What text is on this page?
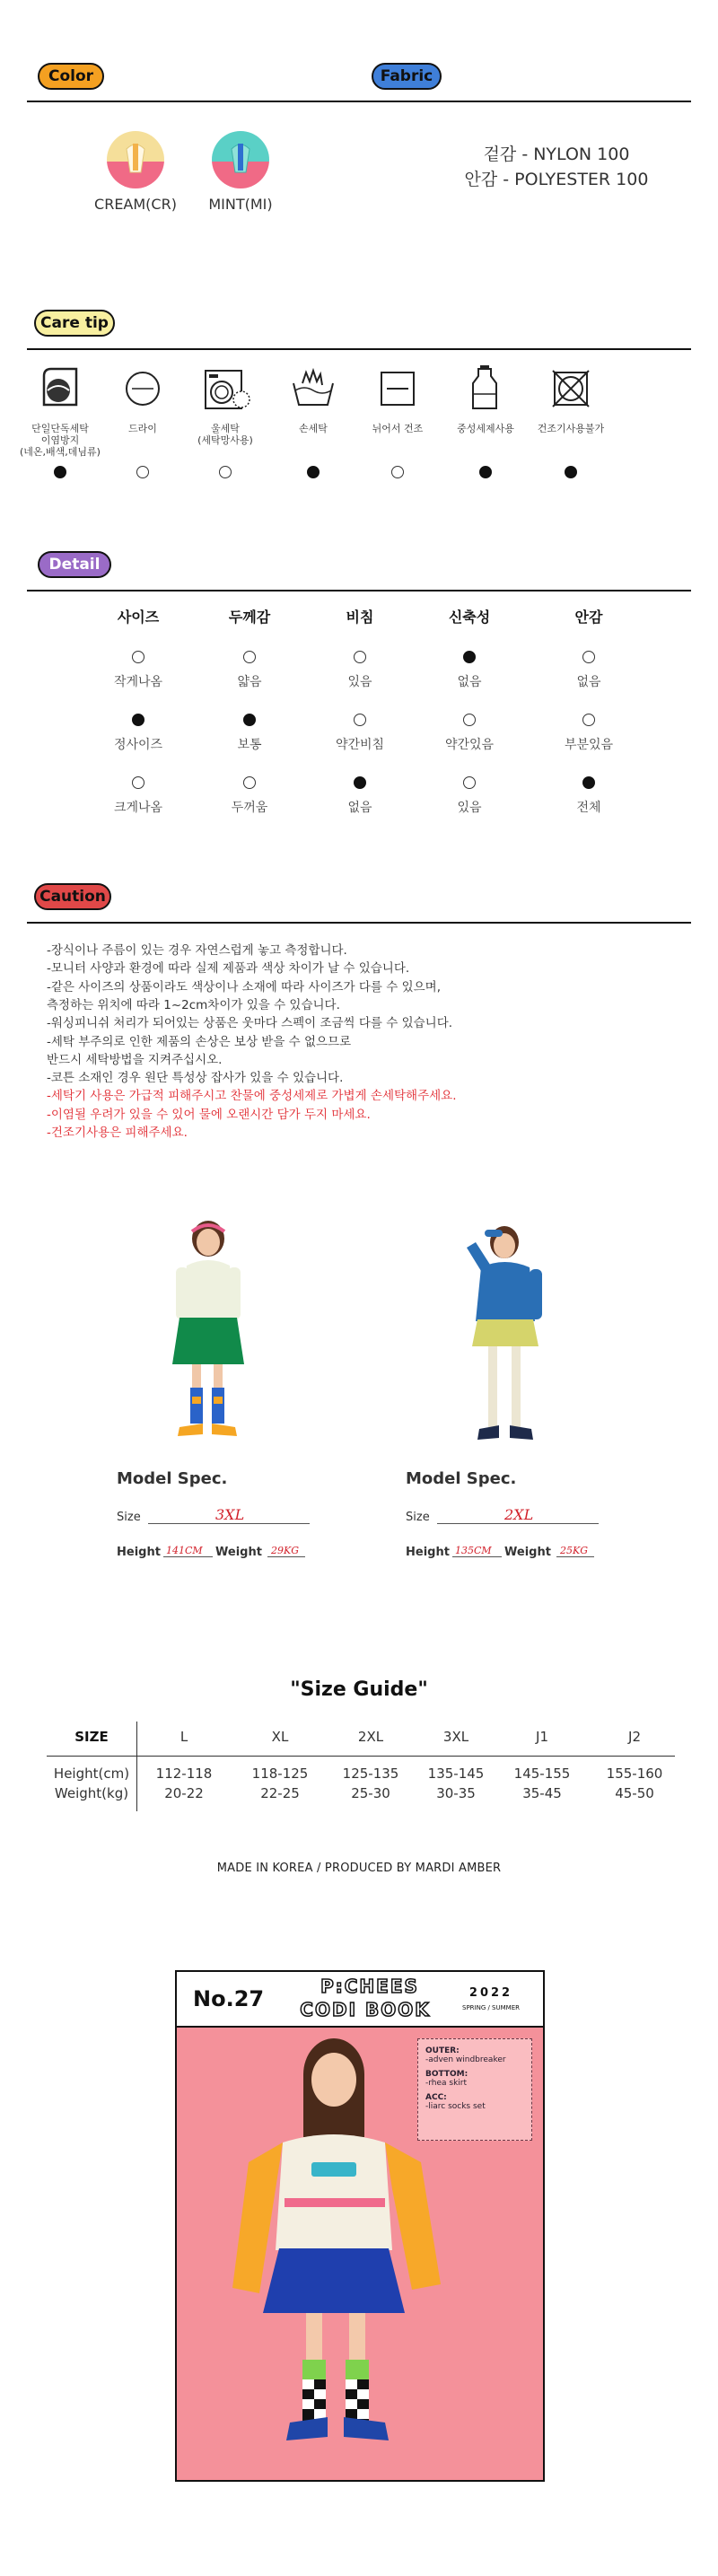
Color	Fabric
CREAM(CR)	MINT(MI)
겉감 - NYLON 100
안감 - POLYESTER 100
Care tip
단일단독세탁
이염방지
(네온,배색,데님류)
드라이	울세탁
(세탁망사용)
손세탁	뉘어서 건조	중성세제사용	건조기사용불가
Detail
사이즈	두께감	비침	신축성	안감
작게나옴	얇음	있음	없음	없음
정사이즈	보통	약간비침	약간있음	부분있음
크게나옴	두꺼움	없음	있음	전체
Caution
-장식이나 주름이 있는 경우 자연스럽게 놓고 측정합니다.
-모니터 사양과 환경에 따라 실제 제품과 색상 차이가 날 수 있습니다.
-같은 사이즈의 상품이라도 색상이나 소재에 따라 사이즈가 다를 수 있으며,
측정하는 위치에 따라 1~2cm차이가 있을 수 있습니다.
-워싱피니쉬 처리가 되어있는 상품은 웃마다 스펙이 조금씩 다를 수 있습니다.
-세탁 부주의로 인한 제품의 손상은 보상 받을 수 없으므로
반드시 세탁방법을 지켜주십시오.
-코튼 소재인 경우 원단 특성상 잡사가 있을 수 있습니다.
-세탁기 사용은 가급적 피해주시고 찬물에 중성세제로 가볍게 손세탁해주세요.
-이염될 우려가 있을 수 있어 물에 오랜시간 담가 두지 마세요.
-건조기사용은 피해주세요.
Model Spec.
Size	3XL
Height 141CM Weight 29KG
Model Spec.
Size	2XL
Height 135CM Weight 25KG
"Size Guide"
SIZE	L	XL	2XL	3XL	J1	J2
Height(cm)	112-118	118-125	125-135	135-145	145-155	155-160
Weight(kg)	20-22	22-25	25-30	30-35	35-45	45-50
MADE IN KOREA / PRODUCED BY MARDI AMBER
No.27	P:CHEES
CODI BOOK
2022
SPRING / SUMMER
OUTER:
-adven windbreaker
BOTTOM:
-rhea skirt
ACC:
-liarc socks set
